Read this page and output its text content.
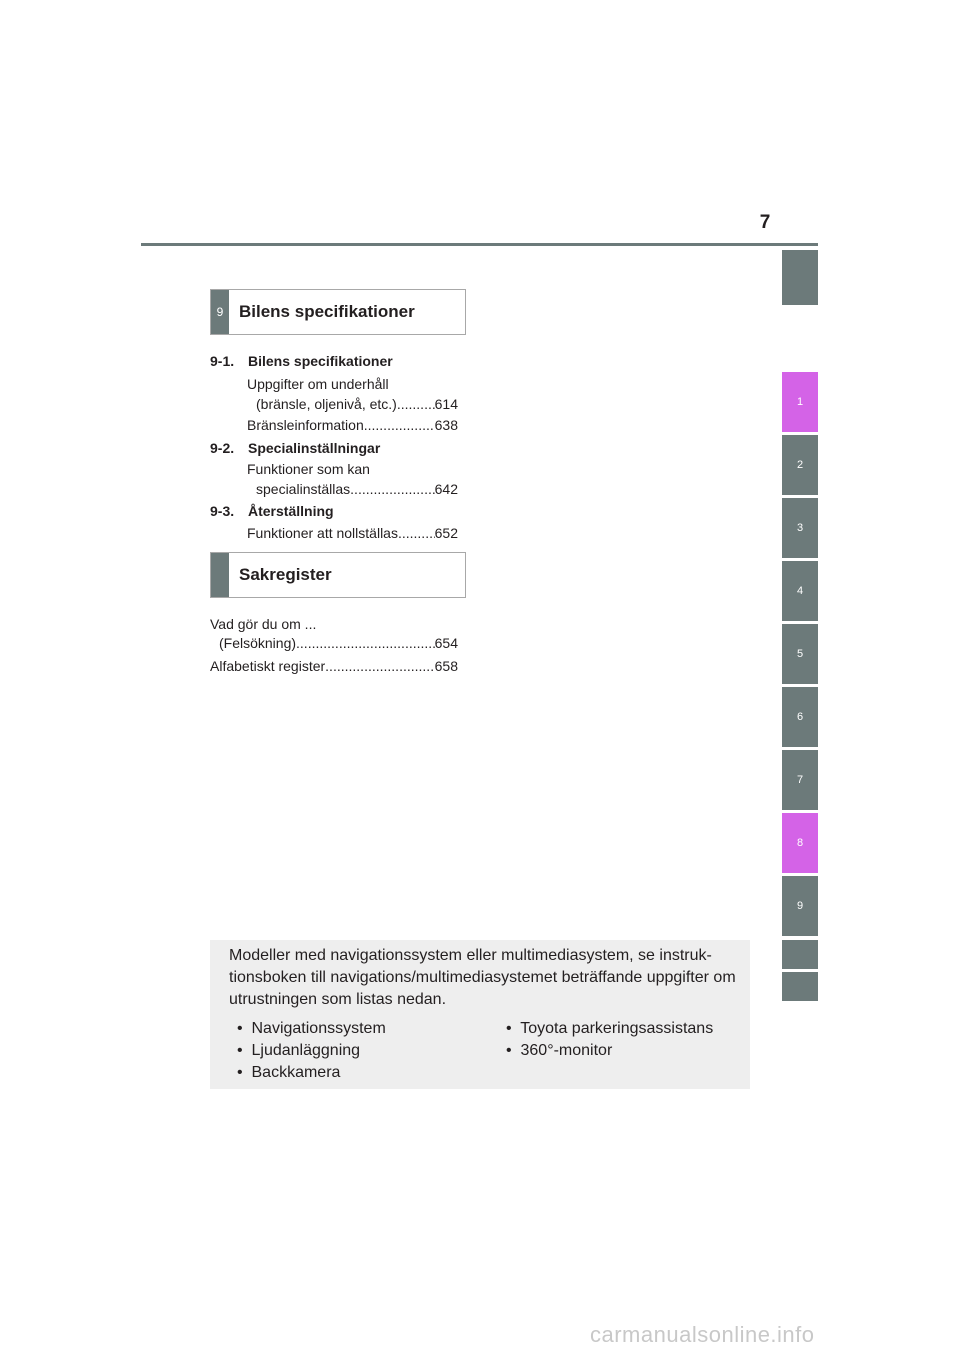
7
1
2
3
4
5
6
7
8
9
9 Bilens specifikationer
9-1. Bilens specifikationer
Uppgifter om underhåll
(bränsle, oljenivå, etc.) .....	614
Bränsleinformation .....	638
9-2. Specialinställningar
Funktioner som kan
specialinställas .....	642
9-3. Återställning
Funktioner att nollställas .....	652
Sakregister
Vad gör du om ...
(Felsökning) .....	654
Alfabetiskt register .....	658
Modeller med navigationssystem eller multimediasystem, se instruk-tionsboken till navigations/multimediasystemet beträffande uppgifter om utrustningen som listas nedan.
•  Navigationssystem
•  Ljudanläggning
•  Backkamera
•  Toyota parkeringsassistans
•  360°-monitor
carmanualsonline.info
